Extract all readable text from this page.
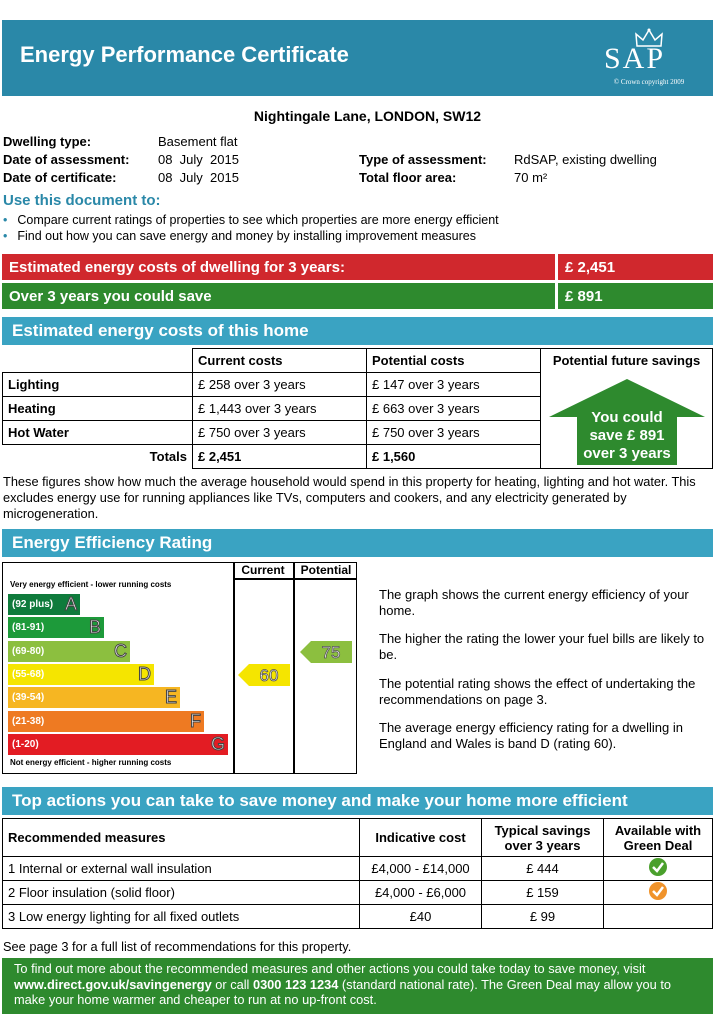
Energy Performance Certificate	SAP
© Crown copyright 2009
Nightingale Lane, LONDON, SW12
Dwelling type:	Basement flat
Date of assessment: 08  July  2015
Date of certificate:	08  July  2015
Type of assessment: RdSAP, existing dwelling
Total floor area:	70 m²
Use this document to:
• Compare current ratings of properties to see which properties are more energy efficient
• Find out how you can save energy and money by installing improvement measures
Estimated energy costs of dwelling for 3 years:	£ 2,451
Over 3 years you could save	£ 891
Estimated energy costs of this home
	Current costs	Potential costs	Potential future savings
Lighting	£ 258 over 3 years	£ 147 over 3 years	
Heating	£ 1,443 over 3 years	£ 663 over 3 years	
Hot Water	£ 750 over 3 years	£ 750 over 3 years	
Totals	£ 2,451	£ 1,560	
You could
save £ 891
over 3 years
These figures show how much the average household would spend in this property for heating, lighting and hot water. This excludes energy use for running appliances like TVs, computers and cookers, and any electricity generated by microgeneration.
Energy Efficiency Rating
Current	Potential
Very energy efficient - lower running costs
Not energy efficient - higher running costs
(92 plus) A
(81-91) B
(69-80)	C
(55-68)	D
(39-54)	E
(21-38)	F
(1-20)	G
60
75
The graph shows the current energy efficiency of your home.
The higher the rating the lower your fuel bills are likely to be.
The potential rating shows the effect of undertaking the recommendations on page 3.
The average energy efficiency rating for a dwelling in England and Wales is band D (rating 60).
Top actions you can take to save money and make your home more efficient
Recommended measures	Indicative cost	Typical savings over 3 years	Available with Green Deal
1 Internal or external wall insulation	£4,000 - £14,000	£ 444	
2 Floor insulation (solid floor)	£4,000 - £6,000	£ 159	
3 Low energy lighting for all fixed outlets	£40	£ 99	
See page 3 for a full list of recommendations for this property.
To find out more about the recommended measures and other actions you could take today to save money, visit
www.direct.gov.uk/savingenergy or call 0300 123 1234 (standard national rate). The Green Deal may allow you to make your home warmer and cheaper to run at no up-front cost.
